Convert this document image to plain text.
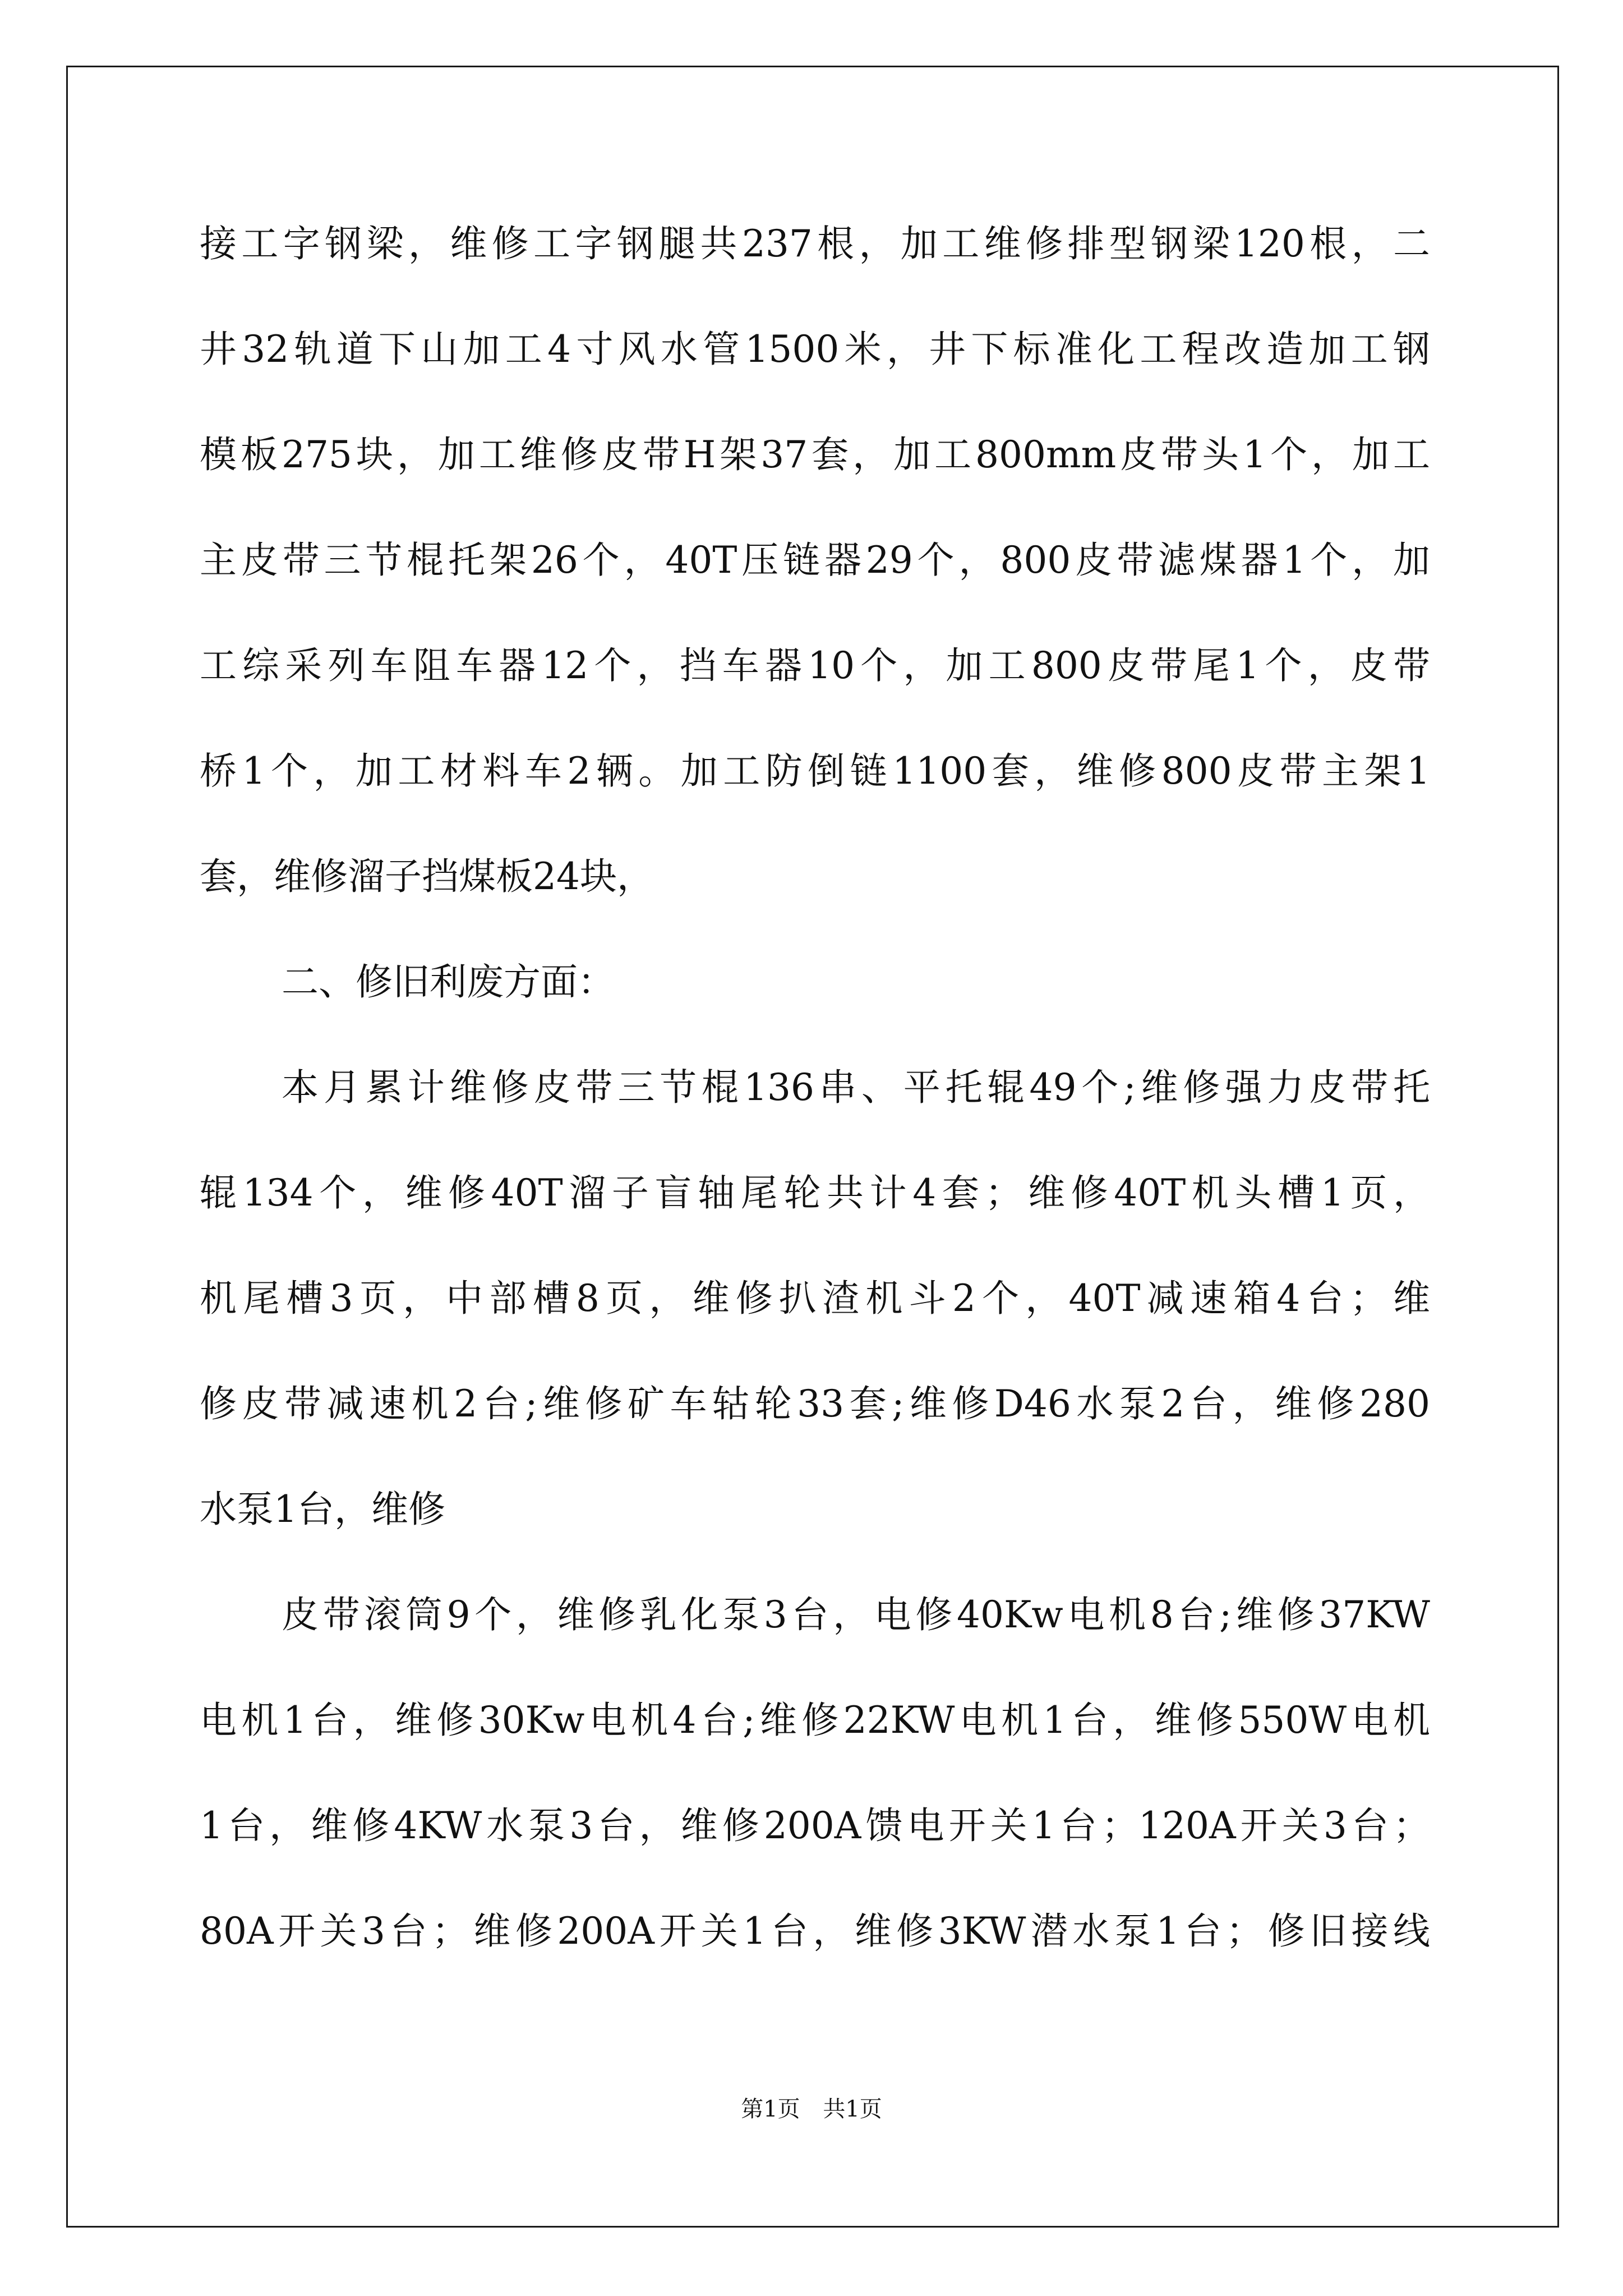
接工字钢梁，维修工字钢腿共237根，加工维修排型钢梁120根，二
井32轨道下山加工4寸风水管1500米，井下标准化工程改造加工钢
模板275块，加工维修皮带H架37套，加工800mm皮带头1个，加工
主皮带三节棍托架26个，40T压链器29个，800皮带滤煤器1个，加
工综采列车阻车器12个，挡车器10个，加工800皮带尾1个，皮带
桥1个，加工材料车2辆。加工防倒链1100套，维修800皮带主架1
套，维修溜子挡煤板24块，
二、修旧利废方面：
本月累计维修皮带三节棍136串、平托辊49个;维修强力皮带托
辊134个，维修40T溜子盲轴尾轮共计4套；维修40T机头槽1页，
机尾槽3页，中部槽8页，维修扒渣机斗2个，40T减速箱4台；维
修皮带减速机2台;维修矿车轱轮33套;维修D46水泵2台，维修280
水泵1台，维修
皮带滚筒9个，维修乳化泵3台，电修40Kw电机8台;维修37KW
电机1台，维修30Kw电机4台;维修22KW电机1台，维修550W电机
1台，维修4KW水泵3台，维修200A馈电开关1台；120A开关3台；
80A开关3台；维修200A开关1台，维修3KW潜水泵1台；修旧接线
第1页 共1页
